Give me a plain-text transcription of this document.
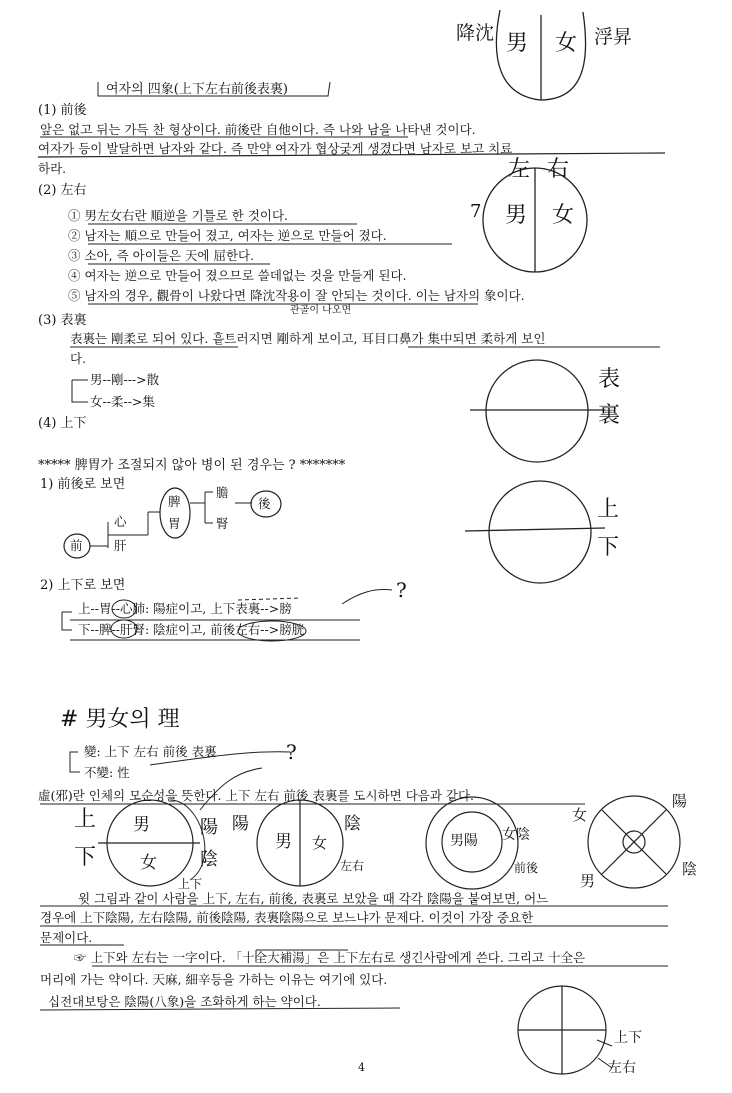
降沈 男 女 浮昇
여자의 四象(上下左右前後表裏)
(1) 前後
앞은 없고 뒤는 가득 찬 형상이다. 前後란 自他이다. 즉 나와 남을 나타낸 것이다.
여자가 등이 발달하면 남자와 같다. 즉 만약 여자가 협상궂게 생겼다면 남자로 보고 치료
하라.	左 右
男 女
7
(2) 左右
① 男左女右란 順逆을 기틀로 한 것이다.
② 남자는 順으로 만들어 졌고, 여자는 逆으로 만들어 졌다.
③ 소아, 즉 아이들은 天에 屈한다.
④ 여자는 逆으로 만들어 졌으므로 쓸데없는 것을 만들게 된다.
⑤ 남자의 경우, 觀骨이 나왔다면 降沈작용이 잘 안되는 것이다. 이는 남자의 象이다.
관골이 나오면
(3) 表裏
表裏는 剛柔로 되어 있다. 흩트러지면 剛하게 보이고, 耳目口鼻가 集中되면 柔하게 보인
다.
男--剛--->散
女--柔-->集
表
裏
(4) 上下
上
下
***** 脾胃가 조절되지 않아 병이 된 경우는 ? *******
1) 前後로 보면
脾
胃
膽
腎
後
心
肝
前
2) 上下로 보면
上--胃--心肺: 陽症이고, 上下表裏-->膀
下--脾--肝腎: 陰症이고, 前後左右-->膀胱
?
# 男女의 理
變: 上下 左右 前後 表裏
不變: 性
?
虛(邪)란 인체의 모순성을 뜻한다. 上下 左右 前後 表裏를 도시하면 다음과 같다.
上
下
男
女
陽
陰
上下
陽	陰
男 女
左右
男陽 女陰
前後
女
男
陽
陰
윗 그림과 같이 사람을 上下, 左右, 前後, 表裏로 보았을 때 각각 陰陽을 붙여보면, 어느
경우에 上下陰陽, 左右陰陽, 前後陰陽, 表裏陰陽으로 보느냐가 문제다. 이것이 가장 중요한
문제이다.
☞ 上下와 左右는 一字이다. 「十全大補湯」은 上下左右로 생긴사람에게 쓴다. 그리고 十全은
머리에 가는 약이다. 天麻, 細辛등을 가하는 이유는 여기에 있다.
십전대보탕은 陰陽(八象)을 조화하게 하는 약이다.
上下
左右
4
